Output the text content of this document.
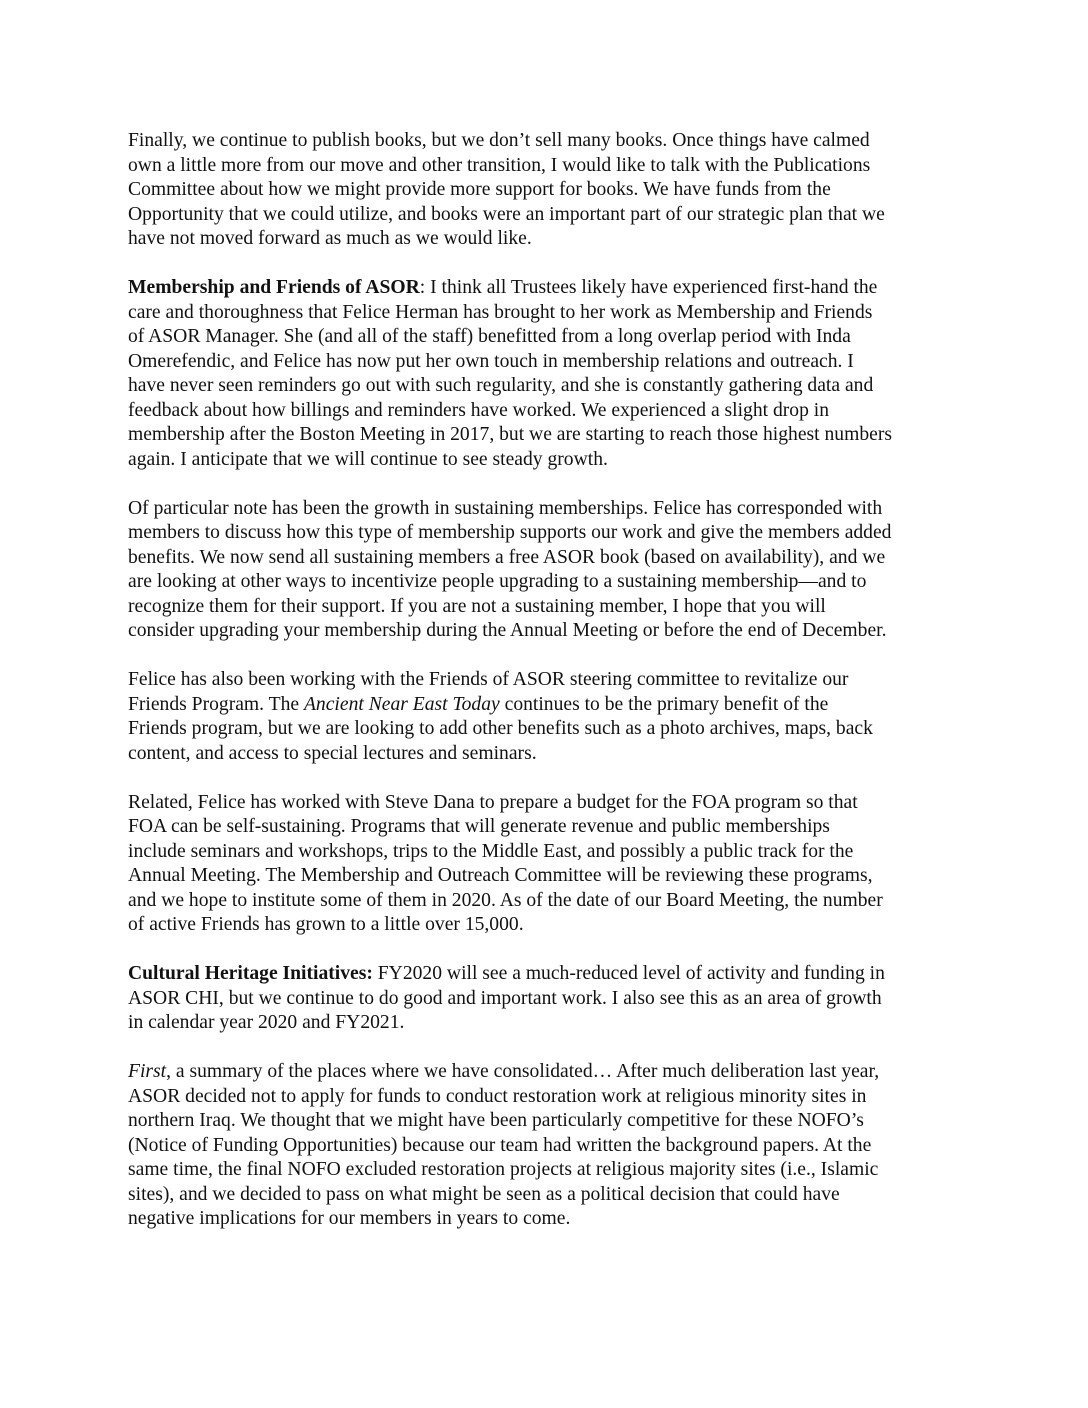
Finally, we continue to publish books, but we don’t sell many books. Once things have calmed
own a little more from our move and other transition, I would like to talk with the Publications
Committee about how we might provide more support for books. We have funds from the
Opportunity that we could utilize, and books were an important part of our strategic plan that we
have not moved forward as much as we would like.

Membership and Friends of ASOR: I think all Trustees likely have experienced first-hand the
care and thoroughness that Felice Herman has brought to her work as Membership and Friends
of ASOR Manager. She (and all of the staff) benefitted from a long overlap period with Inda
Omerefendic, and Felice has now put her own touch in membership relations and outreach. I
have never seen reminders go out with such regularity, and she is constantly gathering data and
feedback about how billings and reminders have worked. We experienced a slight drop in
membership after the Boston Meeting in 2017, but we are starting to reach those highest numbers
again. I anticipate that we will continue to see steady growth.

Of particular note has been the growth in sustaining memberships. Felice has corresponded with
members to discuss how this type of membership supports our work and give the members added
benefits. We now send all sustaining members a free ASOR book (based on availability), and we
are looking at other ways to incentivize people upgrading to a sustaining membership—and to
recognize them for their support. If you are not a sustaining member, I hope that you will
consider upgrading your membership during the Annual Meeting or before the end of December.

Felice has also been working with the Friends of ASOR steering committee to revitalize our
Friends Program. The Ancient Near East Today continues to be the primary benefit of the
Friends program, but we are looking to add other benefits such as a photo archives, maps, back
content, and access to special lectures and seminars.

Related, Felice has worked with Steve Dana to prepare a budget for the FOA program so that
FOA can be self-sustaining. Programs that will generate revenue and public memberships
include seminars and workshops, trips to the Middle East, and possibly a public track for the
Annual Meeting. The Membership and Outreach Committee will be reviewing these programs,
and we hope to institute some of them in 2020. As of the date of our Board Meeting, the number
of active Friends has grown to a little over 15,000.

Cultural Heritage Initiatives: FY2020 will see a much-reduced level of activity and funding in
ASOR CHI, but we continue to do good and important work. I also see this as an area of growth
in calendar year 2020 and FY2021.

First, a summary of the places where we have consolidated… After much deliberation last year,
ASOR decided not to apply for funds to conduct restoration work at religious minority sites in
northern Iraq. We thought that we might have been particularly competitive for these NOFO’s
(Notice of Funding Opportunities) because our team had written the background papers. At the
same time, the final NOFO excluded restoration projects at religious majority sites (i.e., Islamic
sites), and we decided to pass on what might be seen as a political decision that could have
negative implications for our members in years to come.
